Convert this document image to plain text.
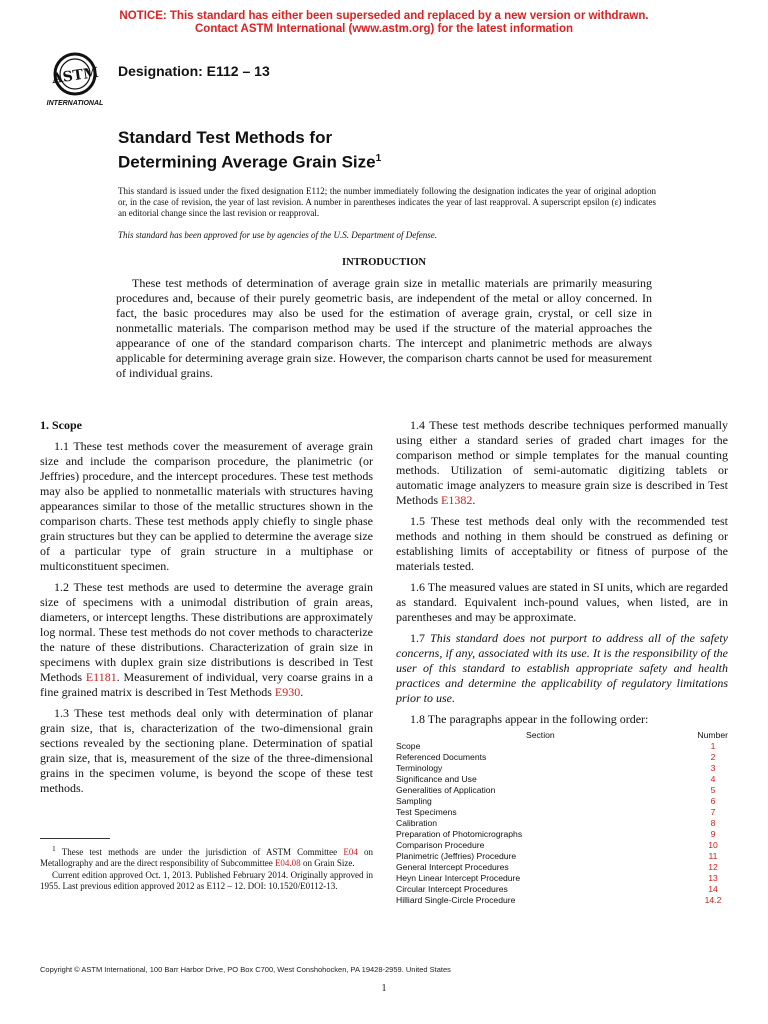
NOTICE: This standard has either been superseded and replaced by a new version or withdrawn.
Contact ASTM International (www.astm.org) for the latest information
ASTM
INTERNATIONAL
Designation: E112 – 13
Standard Test Methods for
Determining Average Grain Size$^1$
This standard is issued under the fixed designation E112; the number immediately following the designation indicates the year of original adoption or, in the case of revision, the year of last revision. A number in parentheses indicates the year of last reapproval. A superscript epsilon (ε) indicates an editorial change since the last revision or reapproval.
This standard has been approved for use by agencies of the U.S. Department of Defense.
INTRODUCTION

These test methods of determination of average grain size in metallic materials are primarily measuring procedures and, because of their purely geometric basis, are independent of the metal or alloy concerned. In fact, the basic procedures may also be used for the estimation of average grain, crystal, or cell size in nonmetallic materials. The comparison method may be used if the structure of the material approaches the appearance of one of the standard comparison charts. The intercept and planimetric methods are always applicable for determining average grain size. However, the comparison charts cannot be used for measurement of individual grains.

1. Scope

1.1 These test methods cover the measurement of average grain size and include the comparison procedure, the planimetric (or Jeffries) procedure, and the intercept procedures. These test methods may also be applied to nonmetallic materials with structures having appearances similar to those of the metallic structures shown in the comparison charts. These test methods apply chiefly to single phase grain structures but they can be applied to determine the average size of a particular type of grain structure in a multiphase or multiconstituent specimen.

1.2 These test methods are used to determine the average grain size of specimens with a unimodal distribution of grain areas, diameters, or intercept lengths. These distributions are approximately log normal. These test methods do not cover methods to characterize the nature of these distributions. Characterization of grain size in specimens with duplex grain size distributions is described in Test Methods E1181. Measurement of individual, very coarse grains in a fine grained matrix is described in Test Methods E930.

1.3 These test methods deal only with determination of planar grain size, that is, characterization of the two-dimensional grain sections revealed by the sectioning plane. Determination of spatial grain size, that is, measurement of the size of the three-dimensional grains in the specimen volume, is beyond the scope of these test methods.

$^1$ These test methods are under the jurisdiction of ASTM Committee E04 on Metallography and are the direct responsibility of Subcommittee E04.08 on Grain Size.

Current edition approved Oct. 1, 2013. Published February 2014. Originally approved in 1955. Last previous edition approved 2012 as E112 – 12. DOI: 10.1520/E0112-13.

1.4 These test methods describe techniques performed manually using either a standard series of graded chart images for the comparison method or simple templates for the manual counting methods. Utilization of semi-automatic digitizing tablets or automatic image analyzers to measure grain size is described in Test Methods E1382.

1.5 These test methods deal only with the recommended test methods and nothing in them should be construed as defining or establishing limits of acceptability or fitness of purpose of the materials tested.

1.6 The measured values are stated in SI units, which are regarded as standard. Equivalent inch-pound values, when listed, are in parentheses and may be approximate.

1.7 This standard does not purport to address all of the safety concerns, if any, associated with its use. It is the responsibility of the user of this standard to establish appropriate safety and health practices and determine the applicability of regulatory limitations prior to use.

1.8 The paragraphs appear in the following order:

Section	Number
Scope	1
Referenced Documents	2
Terminology	3
Significance and Use	4
Generalities of Application	5
Sampling	6
Test Specimens	7
Calibration	8
Preparation of Photomicrographs	9
Comparison Procedure	10
Planimetric (Jeffries) Procedure	11
General Intercept Procedures	12
Heyn Linear Intercept Procedure	13
Circular Intercept Procedures	14
Hilliard Single-Circle Procedure	14.2
Copyright © ASTM International, 100 Barr Harbor Drive, PO Box C700, West Conshohocken, PA 19428-2959. United States
1
